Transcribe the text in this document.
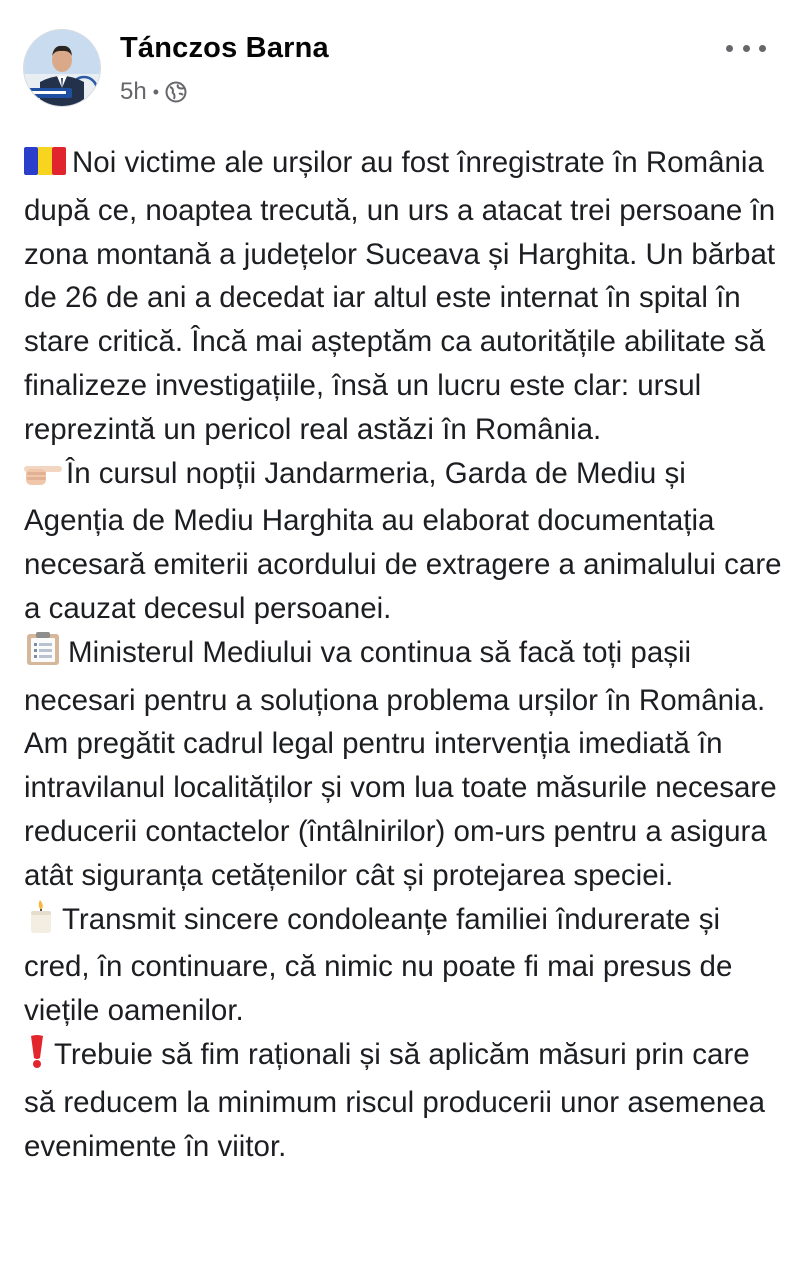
Tánczos Barna
5h •

Noi victime ale urșilor au fost înregistrate în România după ce, noaptea trecută, un urs a atacat trei persoane în zona montană a județelor Suceava și Harghita. Un bărbat de 26 de ani a decedat iar altul este internat în spital în stare critică. Încă mai așteptăm ca autoritățile abilitate să finalizeze investigațiile, însă un lucru este clar: ursul reprezintă un pericol real astăzi în România.

În cursul nopții Jandarmeria, Garda de Mediu și Agenția de Mediu Harghita au elaborat documentația necesară emiterii acordului de extragere a animalului care a cauzat decesul persoanei.

Ministerul Mediului va continua să facă toți pașii necesari pentru a soluționa problema urșilor în România. Am pregătit cadrul legal pentru intervenția imediată în intravilanul localităților și vom lua toate măsurile necesare reducerii contactelor (întâlnirilor) om-urs pentru a asigura atât siguranța cetățenilor cât și protejarea speciei.

Transmit sincere condoleanțe familiei îndurerate și cred, în continuare, că nimic nu poate fi mai presus de viețile oamenilor.

Trebuie să fim raționali și să aplicăm măsuri prin care să reducem la minimum riscul producerii unor asemenea evenimente în viitor.
